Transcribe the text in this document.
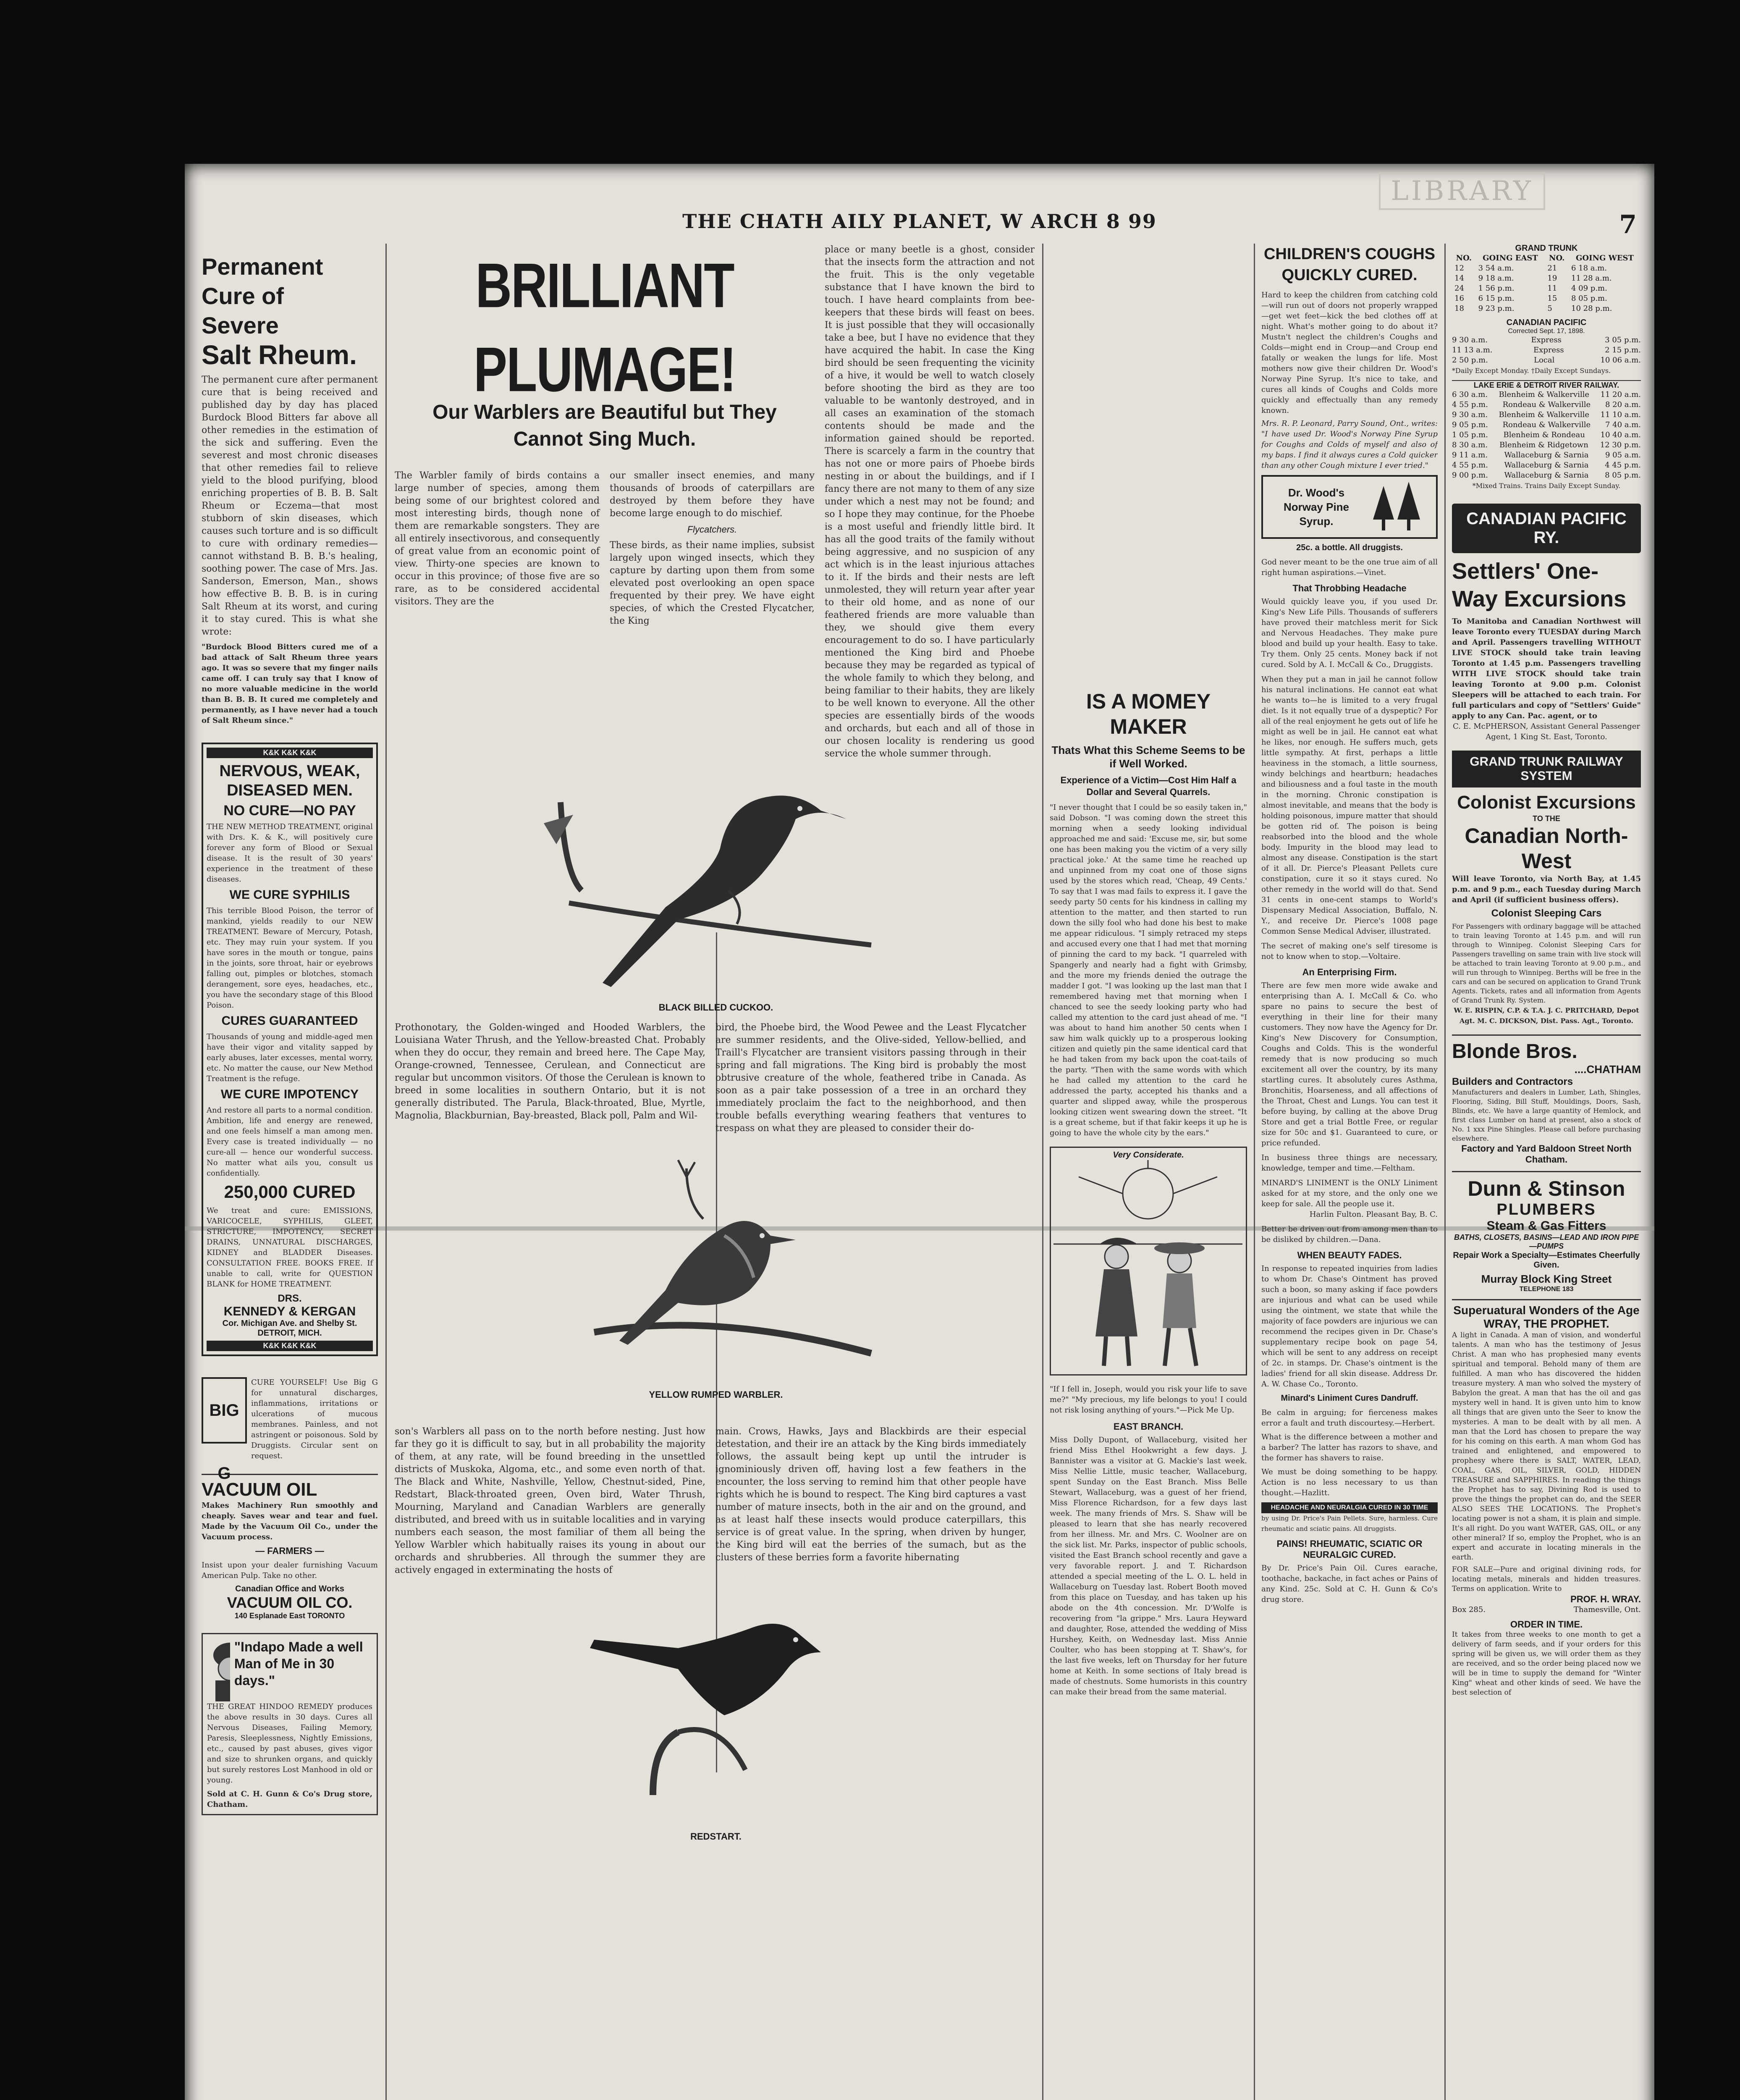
LIBRARY
THE CHATH AILY PLANET, W ARCH 8 99	7
Permanent
Cure of
Severe
Salt Rheum.
The permanent cure after permanent cure that is being received and published day by day has placed Burdock Blood Bitters far above all other remedies in the estimation of the sick and suffering. Even the severest and most chronic diseases that other remedies fail to relieve yield to the blood purifying, blood enriching properties of B. B. B. Salt Rheum or Eczema—that most stubborn of skin diseases, which causes such torture and is so difficult to cure with ordinary remedies—cannot withstand B. B. B.'s healing, soothing power. The case of Mrs. Jas. Sanderson, Emerson, Man., shows how effective B. B. B. is in curing Salt Rheum at its worst, and curing it to stay cured. This is what she wrote:
"Burdock Blood Bitters cured me of a bad attack of Salt Rheum three years ago. It was so severe that my finger nails came off. I can truly say that I know of no more valuable medicine in the world than B. B. B. It cured me completely and permanently, as I have never had a touch of Salt Rheum since."
K&K K&K K&K
NERVOUS, WEAK, DISEASED MEN.
NO CURE—NO PAY
THE NEW METHOD TREATMENT, original with Drs. K. & K., will positively cure forever any form of Blood or Sexual disease. It is the result of 30 years' experience in the treatment of these diseases.
WE CURE SYPHILIS
This terrible Blood Poison, the terror of mankind, yields readily to our NEW TREATMENT. Beware of Mercury, Potash, etc. They may ruin your system. If you have sores in the mouth or tongue, pains in the joints, sore throat, hair or eyebrows falling out, pimples or blotches, stomach derangement, sore eyes, headaches, etc., you have the secondary stage of this Blood Poison.
CURES GUARANTEED
Thousands of young and middle-aged men have their vigor and vitality sapped by early abuses, later excesses, mental worry, etc. No matter the cause, our New Method Treatment is the refuge.
WE CURE IMPOTENCY
And restore all parts to a normal condition. Ambition, life and energy are renewed, and one feels himself a man among men. Every case is treated individually — no cure-all — hence our wonderful success. No matter what ails you, consult us confidentially.
250,000 CURED
We treat and cure: EMISSIONS, VARICOCELE, SYPHILIS, GLEET, STRICTURE, IMPOTENCY, SECRET DRAINS, UNNATURAL DISCHARGES, KIDNEY and BLADDER Diseases. CONSULTATION FREE. BOOKS FREE. If unable to call, write for QUESTION BLANK for HOME TREATMENT.
DRS.
KENNEDY & KERGAN
Cor. Michigan Ave. and Shelby St. DETROIT, MICH.
K&K K&K K&K
BIG G
CURE YOURSELF! Use Big G for unnatural discharges, inflammations, irritations or ulcerations of mucous membranes. Painless, and not astringent or poisonous. Sold by Druggists. Circular sent on request.
VACUUM OIL
Makes Machinery Run smoothly and cheaply. Saves wear and tear and fuel. Made by the Vacuum Oil Co., under the Vacuum process.
— FARMERS —
Insist upon your dealer furnishing Vacuum American Pulp. Take no other.
Canadian Office and Works
VACUUM OIL CO.
140 Esplanade East TORONTO
"Indapo Made a well Man of Me in 30 days."
THE GREAT HINDOO REMEDY produces the above results in 30 days. Cures all Nervous Diseases, Failing Memory, Paresis, Sleeplessness, Nightly Emissions, etc., caused by past abuses, gives vigor and size to shrunken organs, and quickly but surely restores Lost Manhood in old or young.
Sold at C. H. Gunn & Co's Drug store, Chatham.
BRILLIANT PLUMAGE!
Our Warblers are Beautiful but They Cannot Sing Much.
The Warbler family of birds contains a large number of species, among them being some of our brightest colored and most interesting birds, though none of them are remarkable songsters. They are all entirely insectivorous, and consequently of great value from an economic point of view. Thirty-one species are known to occur in this province; of those five are so rare, as to be considered accidental visitors. They are the
our smaller insect enemies, and many thousands of broods of caterpillars are destroyed by them before they have become large enough to do mischief.
Flycatchers.
These birds, as their name implies, subsist largely upon winged insects, which they capture by darting upon them from some elevated post overlooking an open space frequented by their prey. We have eight species, of which the Crested Flycatcher, the King
place or many beetle is a ghost, consider that the insects form the attraction and not the fruit. This is the only vegetable substance that I have known the bird to touch. I have heard complaints from bee-keepers that these birds will feast on bees. It is just possible that they will occasionally take a bee, but I have no evidence that they have acquired the habit. In case the King bird should be seen frequenting the vicinity of a hive, it would be well to watch closely before shooting the bird as they are too valuable to be wantonly destroyed, and in all cases an examination of the stomach contents should be made and the information gained should be reported. There is scarcely a farm in the country that has not one or more pairs of Phoebe birds nesting in or about the buildings, and if I fancy there are not many to them of any size under which a nest may not be found; and so I hope they may continue, for the Phoebe is a most useful and friendly little bird. It has all the good traits of the family without being aggressive, and no suspicion of any act which is in the least injurious attaches to it. If the birds and their nests are left unmolested, they will return year after year to their old home, and as none of our feathered friends are more valuable than they, we should give them every encouragement to do so. I have particularly mentioned the King bird and Phoebe because they may be regarded as typical of the whole family to which they belong, and being familiar to their habits, they are likely to be well known to everyone. All the other species are essentially birds of the woods and orchards, but each and all of those in our chosen locality is rendering us good service the whole summer through.
BLACK BILLED CUCKOO.
Prothonotary, the Golden-winged and Hooded Warblers, the Louisiana Water Thrush, and the Yellow-breasted Chat. Probably when they do occur, they remain and breed here. The Cape May, Orange-crowned, Tennessee, Cerulean, and Connecticut are regular but uncommon visitors. Of those the Cerulean is known to breed in some localities in southern Ontario, but it is not generally distributed. The Parula, Black-throated, Blue, Myrtle, Magnolia, Blackburnian, Bay-breasted, Black poll, Palm and Wil-
bird, the Phoebe bird, the Wood Pewee and the Least Flycatcher are summer residents, and the Olive-sided, Yellow-bellied, and Traill's Flycatcher are transient visitors passing through in their spring and fall migrations. The King bird is probably the most obtrusive creature of the whole, feathered tribe in Canada. As soon as a pair take possession of a tree in an orchard they immediately proclaim the fact to the neighborhood, and then trouble befalls everything wearing feathers that ventures to trespass on what they are pleased to consider their do-
YELLOW RUMPED WARBLER.
son's Warblers all pass on to the north before nesting. Just how far they go it is difficult to say, but in all probability the majority of them, at any rate, will be found breeding in the unsettled districts of Muskoka, Algoma, etc., and some even north of that. The Black and White, Nashville, Yellow, Chestnut-sided, Pine, Redstart, Black-throated green, Oven bird, Water Thrush, Mourning, Maryland and Canadian Warblers are generally distributed, and breed with us in suitable localities and in varying numbers each season, the most familiar of them all being the Yellow Warbler which habitually raises its young in about our orchards and shrubberies. All through the summer they are actively engaged in exterminating the hosts of
main. Crows, Hawks, Jays and Blackbirds are their especial detestation, and their ire an attack by the King birds immediately follows, the assault being kept up until the intruder is ignominiously driven off, having lost a few feathers in the encounter, the loss serving to remind him that other people have rights which he is bound to respect. The King bird captures a vast number of mature insects, both in the air and on the ground, and as at least half these insects would produce caterpillars, this service is of great value. In the spring, when driven by hunger, the King bird will eat the berries of the sumach, but as the clusters of these berries form a favorite hibernating
REDSTART.
IS A MOMEY MAKER
Thats What this Scheme Seems to be if Well Worked.
Experience of a Victim—Cost Him Half a Dollar and Several Quarrels.
"I never thought that I could be so easily taken in," said Dobson. "I was coming down the street this morning when a seedy looking individual approached me and said: 'Excuse me, sir, but some one has been making you the victim of a very silly practical joke.' At the same time he reached up and unpinned from my coat one of those signs used by the stores which read, 'Cheap, 49 Cents.' To say that I was mad fails to express it. I gave the seedy party 50 cents for his kindness in calling my attention to the matter, and then started to run down the silly fool who had done his best to make me appear ridiculous. "I simply retraced my steps and accused every one that I had met that morning of pinning the card to my back. "I quarreled with Spangerly and nearly had a fight with Grimsby, and the more my friends denied the outrage the madder I got. "I was looking up the last man that I remembered having met that morning when I chanced to see the seedy looking party who had called my attention to the card just ahead of me. "I was about to hand him another 50 cents when I saw him walk quickly up to a prosperous looking citizen and quietly pin the same identical card that he had taken from my back upon the coat-tails of the party. "Then with the same words with which he had called my attention to the card he addressed the party, accepted his thanks and a quarter and slipped away, while the prosperous looking citizen went swearing down the street. "It is a great scheme, but if that fakir keeps it up he is going to have the whole city by the ears."
Very Considerate.
"If I fell in, Joseph, would you risk your life to save me?" "My precious, my life belongs to you! I could not risk losing anything of yours."—Pick Me Up.
EAST BRANCH.
Miss Dolly Dupont, of Wallaceburg, visited her friend Miss Ethel Hookwright a few days. J. Bannister was a visitor at G. Mackie's last week. Miss Nellie Little, music teacher, Wallaceburg, spent Sunday on the East Branch. Miss Belle Stewart, Wallaceburg, was a guest of her friend, Miss Florence Richardson, for a few days last week. The many friends of Mrs. S. Shaw will be pleased to learn that she has nearly recovered from her illness. Mr. and Mrs. C. Woolner are on the sick list. Mr. Parks, inspector of public schools, visited the East Branch school recently and gave a very favorable report. J. and T. Richardson attended a special meeting of the L. O. L. held in Wallaceburg on Tuesday last. Robert Booth moved from this place on Tuesday, and has taken up his abode on the 4th concession. Mr. D'Wolfe is recovering from "la grippe." Mrs. Laura Heyward and daughter, Rose, attended the wedding of Miss Hurshey, Keith, on Wednesday last. Miss Annie Coulter, who has been stopping at T. Shaw's, for the last five weeks, left on Thursday for her future home at Keith. In some sections of Italy bread is made of chestnuts. Some humorists in this country can make their bread from the same material.
CHILDREN'S COUGHS QUICKLY CURED.
Hard to keep the children from catching cold—will run out of doors not properly wrapped—get wet feet—kick the bed clothes off at night. What's mother going to do about it? Mustn't neglect the children's Coughs and Colds—might end in Croup—and Croup end fatally or weaken the lungs for life. Most mothers now give their children Dr. Wood's Norway Pine Syrup. It's nice to take, and cures all kinds of Coughs and Colds more quickly and effectually than any remedy known.
Mrs. R. P. Leonard, Parry Sound, Ont., writes: "I have used Dr. Wood's Norway Pine Syrup for Coughs and Colds of myself and also of my baps. I find it always cures a Cold quicker than any other Cough mixture I ever tried."
Dr. Wood's Norway Pine Syrup.
25c. a bottle. All druggists.
God never meant to be the one true aim of all right human aspirations.—Vinet.
That Throbbing Headache
Would quickly leave you, if you used Dr. King's New Life Pills. Thousands of sufferers have proved their matchless merit for Sick and Nervous Headaches. They make pure blood and build up your health. Easy to take. Try them. Only 25 cents. Money back if not cured. Sold by A. I. McCall & Co., Druggists.
When they put a man in jail he cannot follow his natural inclinations. He cannot eat what he wants to—he is limited to a very frugal diet. Is it not equally true of a dyspeptic? For all of the real enjoyment he gets out of life he might as well be in jail. He cannot eat what he likes, nor enough. He suffers much, gets little sympathy. At first, perhaps a little heaviness in the stomach, a little sourness, windy belchings and heartburn; headaches and biliousness and a foul taste in the mouth in the morning. Chronic constipation is almost inevitable, and means that the body is holding poisonous, impure matter that should be gotten rid of. The poison is being reabsorbed into the blood and the whole body. Impurity in the blood may lead to almost any disease. Constipation is the start of it all. Dr. Pierce's Pleasant Pellets cure constipation, cure it so it stays cured. No other remedy in the world will do that. Send 31 cents in one-cent stamps to World's Dispensary Medical Association, Buffalo, N. Y., and receive Dr. Pierce's 1008 page Common Sense Medical Adviser, illustrated.
The secret of making one's self tiresome is not to know when to stop.—Voltaire.
An Enterprising Firm.
There are few men more wide awake and enterprising than A. I. McCall & Co. who spare no pains to secure the best of everything in their line for their many customers. They now have the Agency for Dr. King's New Discovery for Consumption, Coughs and Colds. This is the wonderful remedy that is now producing so much excitement all over the country, by its many startling cures. It absolutely cures Asthma, Bronchitis, Hoarseness, and all affections of the Throat, Chest and Lungs. You can test it before buying, by calling at the above Drug Store and get a trial Bottle Free, or regular size for 50c and $1. Guaranteed to cure, or price refunded.
In business three things are necessary, knowledge, temper and time.—Feltham.
MINARD'S LINIMENT is the ONLY Liniment asked for at my store, and the only one we keep for sale. All the people use it.
Harlin Fulton. Pleasant Bay, B. C.
Better be driven out from among men than to be disliked by children.—Dana.
WHEN BEAUTY FADES.
In response to repeated inquiries from ladies to whom Dr. Chase's Ointment has proved such a boon, so many asking if face powders are injurious and what can be used while using the ointment, we state that while the majority of face powders are injurious we can recommend the recipes given in Dr. Chase's supplementary recipe book on page 54, which will be sent to any address on receipt of 2c. in stamps. Dr. Chase's ointment is the ladies' friend for all skin disease. Address Dr. A. W. Chase Co., Toronto.
Minard's Liniment Cures Dandruff.
Be calm in arguing; for fierceness makes error a fault and truth discourtesy.—Herbert.
What is the difference between a mother and a barber? The latter has razors to shave, and the former has shavers to raise.
We must be doing something to be happy. Action is no less necessary to us than thought.—Hazlitt.
HEADACHE AND NEURALGIA CURED IN 30 TIME
by using Dr. Price's Pain Pellets. Sure, harmless. Cure rheumatic and sciatic pains. All druggists.
PAINS! RHEUMATIC, SCIATIC OR NEURALGIC CURED.
By Dr. Price's Pain Oil. Cures earache, toothache, backache, in fact aches or Pains of any Kind. 25c. Sold at C. H. Gunn & Co's drug store.
GRAND TRUNK
NO.	GOING EAST	NO.	GOING WEST
12	3 54 a.m.	21	6 18 a.m.
14	9 18 a.m.	19	11 28 a.m.
24	1 56 p.m.	11	4 09 p.m.
16	6 15 p.m.	15	8 05 p.m.
18	9 23 p.m.	5	10 28 p.m.
CANADIAN PACIFIC
Corrected Sept. 17, 1898.
9 30 a.m.	Express	3 05 p.m.
11 13 a.m.	Express	2 15 p.m.
2 50 p.m.	Local	10 06 a.m.
*Daily Except Monday. †Daily Except Sundays.
LAKE ERIE & DETROIT RIVER RAILWAY.
6 30 a.m. Blenheim & Walkerville 11 20 a.m.
4 55 p.m. Rondeau & Walkerville 8 20 a.m.
9 30 a.m. Blenheim & Walkerville 11 10 a.m.
9 05 p.m. Rondeau & Walkerville 7 40 a.m.
1 05 p.m. Blenheim & Rondeau 10 40 a.m.
8 30 a.m. Blenheim & Ridgetown 12 30 p.m.
9 11 a.m. Wallaceburg & Sarnia 9 05 a.m.
4 55 p.m. Wallaceburg & Sarnia 4 45 p.m.
9 00 p.m. Wallaceburg & Sarnia 8 05 p.m.
*Mixed Trains. Trains Daily Except Sunday.
CANADIAN PACIFIC RY.
Settlers' One-Way Excursions
To Manitoba and Canadian Northwest will leave Toronto every TUESDAY during March and April. Passengers travelling WITHOUT LIVE STOCK should take train leaving Toronto at 1.45 p.m. Passengers travelling WITH LIVE STOCK should take train leaving Toronto at 9.00 p.m. Colonist Sleepers will be attached to each train. For full particulars and copy of "Settlers' Guide" apply to any Can. Pac. agent, or to
C. E. McPHERSON, Assistant General Passenger Agent, 1 King St. East, Toronto.
GRAND TRUNK RAILWAY SYSTEM
Colonist Excursions
TO THE
Canadian North-West
Will leave Toronto, via North Bay, at 1.45 p.m. and 9 p.m., each Tuesday during March and April (if sufficient business offers).
Colonist Sleeping Cars
For Passengers with ordinary baggage will be attached to train leaving Toronto at 1.45 p.m. and will run through to Winnipeg. Colonist Sleeping Cars for Passengers travelling on same train with live stock will be attached to train leaving Toronto at 9.00 p.m., and will run through to Winnipeg. Berths will be free in the cars and can be secured on application to Grand Trunk Agents. Tickets, rates and all information from Agents of Grand Trunk Ry. System.
W. E. RISPIN, C.P. & T.A. J. C. PRITCHARD, Depot Agt. M. C. DICKSON, Dist. Pass. Agt., Toronto.
Blonde Bros.
....CHATHAM
Builders and Contractors
Manufacturers and dealers in Lumber, Lath, Shingles, Flooring, Siding, Bill Stuff, Mouldings, Doors, Sash, Blinds, etc. We have a large quantity of Hemlock, and first class Lumber on hand at present, also a stock of No. 1 xxx Pine Shingles. Please call before purchasing elsewhere.
Factory and Yard Baldoon Street North Chatham.
Dunn & Stinson
PLUMBERS
Steam & Gas Fitters
BATHS, CLOSETS, BASINS—LEAD AND IRON PIPE—PUMPS
Repair Work a Specialty—Estimates Cheerfully Given.
Murray Block King Street
TELEPHONE 183
Superuatural Wonders of the Age
WRAY, THE PROPHET.
A light in Canada. A man of vision, and wonderful talents. A man who has the testimony of Jesus Christ. A man who has prophesied many events spiritual and temporal. Behold many of them are fulfilled. A man who has discovered the hidden treasure mystery. A man who solved the mystery of Babylon the great. A man that has the oil and gas mystery well in hand. It is given unto him to know all things that are given unto the Seer to know the mysteries. A man to be dealt with by all men. A man that the Lord has chosen to prepare the way for his coming on this earth. A man whom God has trained and enlightened, and empowered to prophesy where there is SALT, WATER, LEAD, COAL, GAS, OIL, SILVER, GOLD, HIDDEN TREASURE and SAPPHIRES. In reading the things the Prophet has to say, Divining Rod is used to prove the things the prophet can do, and the SEER ALSO SEES THE LOCATIONS. The Prophet's locating power is not a sham, it is plain and simple. It's all right. Do you want WATER, GAS, OIL, or any other mineral? If so, employ the Prophet, who is an expert and accurate in locating minerals in the earth.
FOR SALE—Pure and original divining rods, for locating metals, minerals and hidden treasures. Terms on application. Write to
PROF. H. WRAY.
Box 285.	Thamesville, Ont.
ORDER IN TIME.
It takes from three weeks to one month to get a delivery of farm seeds, and if your orders for this spring will be given us, we will order them as they are received, and so the order being placed now we will be in time to supply the demand for "Winter King" wheat and other kinds of seed. We have the best selection of
